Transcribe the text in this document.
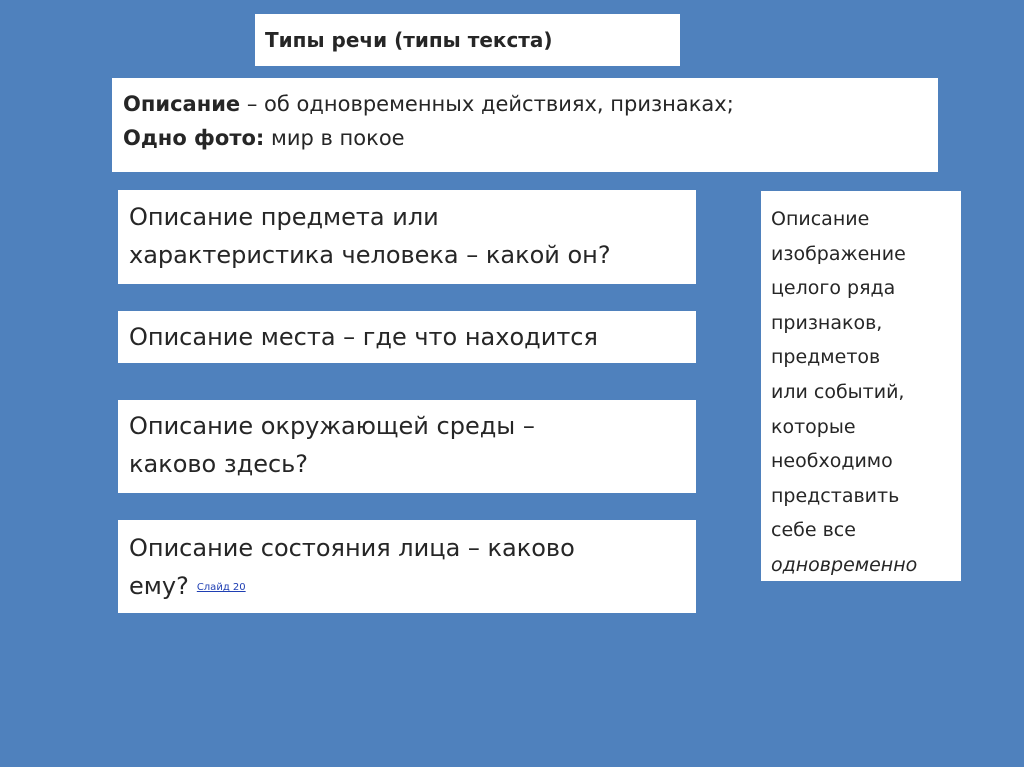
Типы речи (типы текста)
Описание – об одновременных действиях, признаках;
Одно фото: мир в покое
Описание предмета или
характеристика человека – какой он?
Описание места – где что находится
Описание окружающей среды –
каково здесь?
Описание состояния лица – каково
ему? Слайд 20
Описание
изображение
целого ряда
признаков,
предметов
или событий,
которые
необходимо
представить
себе все
одновременно
